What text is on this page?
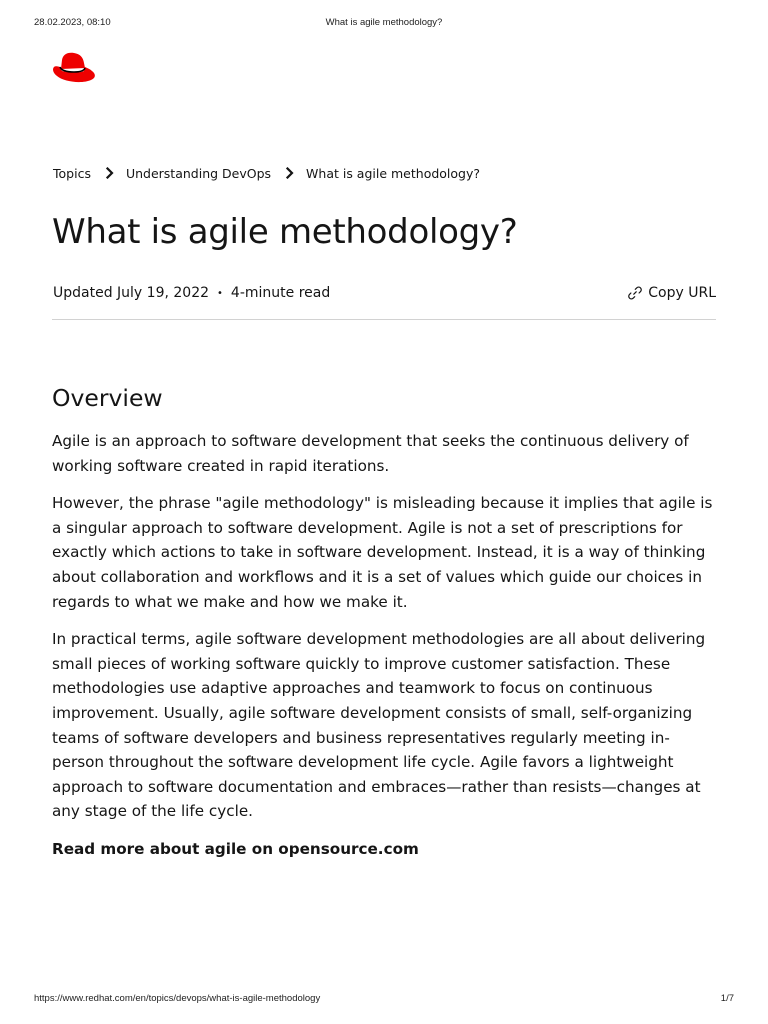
28.02.2023, 08:10	What is agile methodology?
Topics	Understanding DevOps	What is agile methodology?
What is agile methodology?
Updated July 19, 2022 • 4-minute read	Copy URL
Overview

Agile is an approach to software development that seeks the continuous delivery of working software created in rapid iterations.

However, the phrase "agile methodology" is misleading because it implies that agile is a singular approach to software development. Agile is not a set of prescriptions for exactly which actions to take in software development. Instead, it is a way of thinking about collaboration and workflows and it is a set of values which guide our choices in regards to what we make and how we make it.

In practical terms, agile software development methodologies are all about delivering small pieces of working software quickly to improve customer satisfaction. These methodologies use adaptive approaches and teamwork to focus on continuous improvement. Usually, agile software development consists of small, self-organizing teams of software developers and business representatives regularly meeting in-person throughout the software development life cycle. Agile favors a lightweight approach to software documentation and embraces—rather than resists—changes at any stage of the life cycle.

Read more about agile on opensource.com
https://www.redhat.com/en/topics/devops/what-is-agile-methodology	1/7
